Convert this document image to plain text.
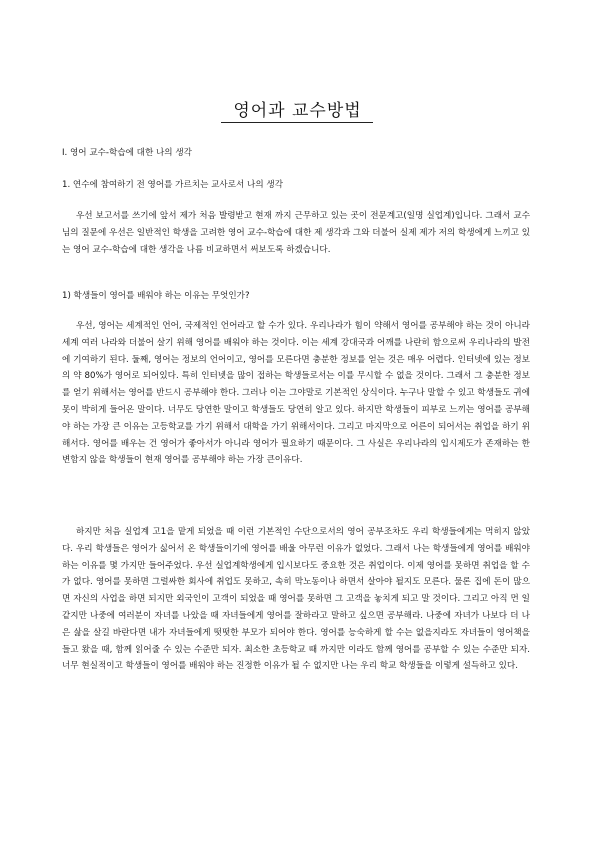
영어과 교수방법
Ⅰ. 영어 교수-학습에 대한 나의 생각
1. 연수에 참여하기 전 영어를 가르치는 교사로서 나의 생각
우선 보고서를 쓰기에 앞서 제가 처음 발령받고 현재 까지 근무하고 있는 곳이 전문계고(일명 실업계)입니다. 그래서 교수님의 질문에 우선은 일반적인 학생을 고려한 영어 교수-학습에 대한 제 생각과 그와 더불어 실제 제가 저의 학생에게 느끼고 있는 영어 교수-학습에 대한 생각을 나름 비교하면서 써보도록 하겠습니다.
1) 학생들이 영어를 배워야 하는 이유는 무엇인가?
우선, 영어는 세계적인 언어, 국제적인 언어라고 할 수가 있다. 우리나라가 힘이 약해서 영어를 공부해야 하는 것이 아니라 세계 여러 나라와 더불어 살기 위해 영어를 배워야 하는 것이다. 이는 세계 강대국과 어깨를 나란히 함으로써 우리나라의 발전에 기여하기 된다. 둘째, 영어는 정보의 언어이고, 영어를 모른다면 충분한 정보를 얻는 것은 매우 어렵다. 인터넷에 있는 정보의 약 80%가 영어로 되어있다. 특히 인터넷을 많이 접하는 학생들로서는 이를 무시할 수 없을 것이다. 그래서 그 충분한 정보를 얻기 위해서는 영어를 반드시 공부해야 한다. 그러나 이는 그야말로 기본적인 상식이다. 누구나 말할 수 있고 학생들도 귀에 못이 박히게 들어온 말이다. 너무도 당연한 말이고 학생들도 당연히 알고 있다. 하지만 학생들이 피부로 느끼는 영어를 공부해야 하는 가장 큰 이유는 고등학교를 가기 위해서 대학을 가기 위해서이다. 그리고 마지막으로 어른이 되어서는 취업을 하기 위해서다. 영어를 배우는 건 영어가 좋아서가 아니라 영어가 필요하기 때문이다. 그 사실은 우리나라의 입시제도가 존재하는 한 변함지 않을 학생들이 현재 영어를 공부해야 하는 가장 큰이유다.
하지만 처음 실업계 고1을 맡게 되었을 때 이런 기본적인 수단으로서의 영어 공부조차도 우리 학생들에게는 먹히지 않았다. 우리 학생들은 영어가 싫어서 온 학생들이기에 영어를 배울 아무런 이유가 없었다. 그래서 나는 학생들에게 영어를 배워야 하는 이유를 몇 가지만 들어주었다. 우선 실업계학생에게 입시보다도 중요한 것은 취업이다. 이제 영어를 못하면 취업을 할 수가 없다. 영어를 못하면 그럴싸한 회사에 취업도 못하고, 속히 막노동이나 하면서 살아야 될지도 모른다. 물론 집에 돈이 많으면 자신의 사업을 하면 되지만 외국인이 고객이 되었을 때 영어를 못하면 그 고객을 놓치게 되고 말 것이다. 그리고 아직 먼 일 같지만 나중에 여러분이 자녀를 나았을 때 자녀들에게 영어를 잘하라고 말하고 싶으면 공부해라. 나중에 자녀가 나보다 더 나은 삶을 살길 바란다면 내가 자녀들에게 떳떳한 부모가 되어야 한다. 영어를 능숙하게 할 수는 없을지라도 자녀들이 영어책을 들고 왔을 때, 함께 읽어줄 수 있는 수준만 되자. 최소한 초등학교 때 까지만 이라도 함께 영어를 공부할 수 있는 수준만 되자. 너무 현실적이고 학생들이 영어를 배워야 하는 진정한 이유가 될 수 없지만 나는 우리 학교 학생들을 이렇게 설득하고 있다.
